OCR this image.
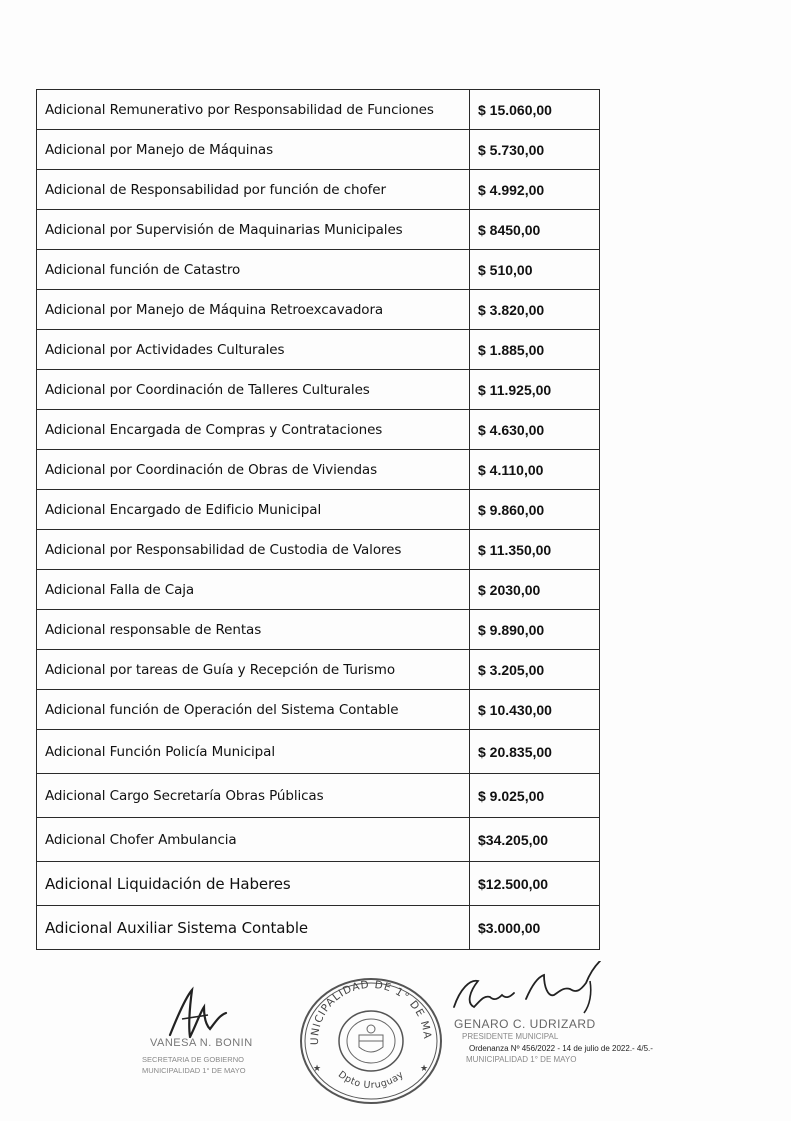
Adicional Remunerativo por Responsabilidad de Funciones	$ 15.060,00
Adicional por Manejo de Máquinas	$ 5.730,00
Adicional de Responsabilidad por función de chofer	$ 4.992,00
Adicional por Supervisión de Maquinarias Municipales	$ 8450,00
Adicional función de Catastro	$ 510,00
Adicional por Manejo de Máquina Retroexcavadora	$ 3.820,00
Adicional por Actividades Culturales	$ 1.885,00
Adicional por Coordinación de Talleres Culturales	$ 11.925,00
Adicional Encargada de Compras y Contrataciones	$ 4.630,00
Adicional por Coordinación de Obras de Viviendas	$ 4.110,00
Adicional Encargado de Edificio Municipal	$ 9.860,00
Adicional por Responsabilidad de Custodia de Valores	$ 11.350,00
Adicional Falla de Caja	$ 2030,00
Adicional responsable de Rentas	$ 9.890,00
Adicional por tareas de Guía y Recepción de Turismo	$ 3.205,00
Adicional función de Operación del Sistema Contable	$ 10.430,00
Adicional Función Policía Municipal	$ 20.835,00
Adicional Cargo Secretaría Obras Públicas	$ 9.025,00
Adicional Chofer Ambulancia	$34.205,00
Adicional Liquidación de Haberes	$12.500,00
Adicional Auxiliar Sistema Contable	$3.000,00
VANESA N. BONIN
SECRETARIA DE GOBIERNO
MUNICIPALIDAD 1° DE MAYO
UNICIPALIDAD DE 1° DE MA
Dpto Uruguay
★	★
GENARO C. UDRIZARD
PRESIDENTE MUNICIPAL
MUNICIPALIDAD 1° DE MAYO
Ordenanza Nº 456/2022 - 14 de julio de 2022.- 4/5.-
